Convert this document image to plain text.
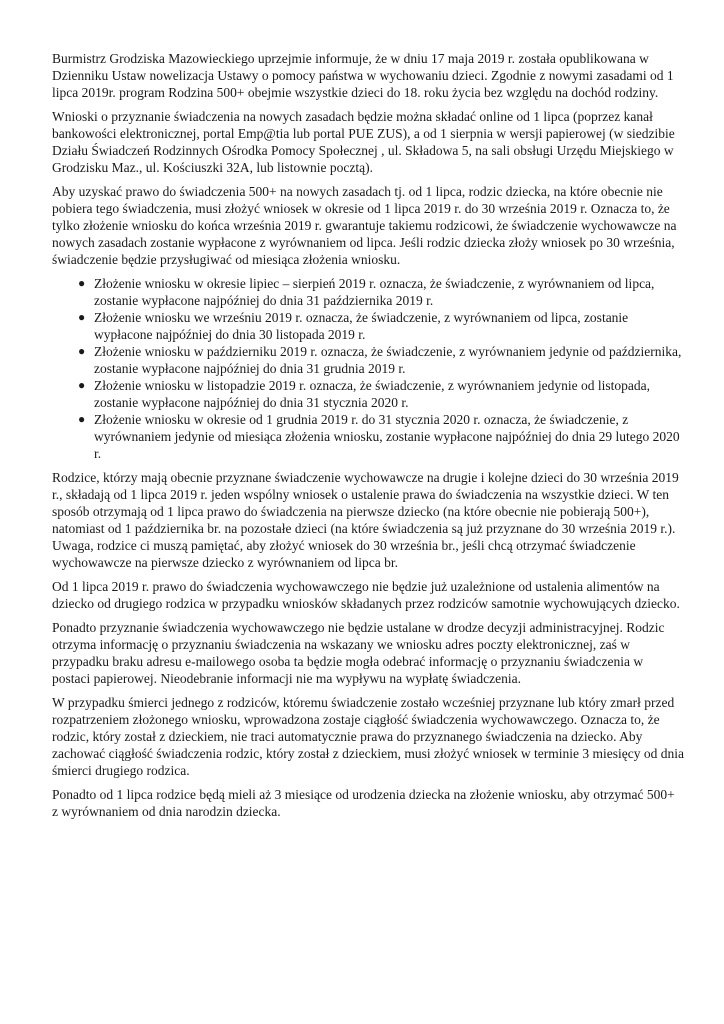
Burmistrz Grodziska Mazowieckiego uprzejmie informuje, że w dniu 17 maja 2019 r. została opublikowana w Dzienniku Ustaw nowelizacja Ustawy o pomocy państwa w wychowaniu dzieci. Zgodnie z nowymi zasadami od 1 lipca 2019r. program Rodzina 500+ obejmie wszystkie dzieci do 18. roku życia bez względu na dochód rodziny.

Wnioski o przyznanie świadczenia na nowych zasadach będzie można składać online od 1 lipca (poprzez kanał bankowości elektronicznej, portal Emp@tia lub portal PUE ZUS), a od 1 sierpnia w wersji papierowej (w siedzibie Działu Świadczeń Rodzinnych Ośrodka Pomocy Społecznej , ul. Składowa 5, na sali obsługi Urzędu Miejskiego w Grodzisku Maz., ul. Kościuszki 32A, lub listownie pocztą).

Aby uzyskać prawo do świadczenia 500+ na nowych zasadach tj. od 1 lipca, rodzic dziecka, na które obecnie nie pobiera tego świadczenia, musi złożyć wniosek w okresie od 1 lipca 2019 r. do 30 września 2019 r. Oznacza to, że tylko złożenie wniosku do końca września 2019 r. gwarantuje takiemu rodzicowi, że świadczenie wychowawcze na nowych zasadach zostanie wypłacone z wyrównaniem od lipca. Jeśli rodzic dziecka złoży wniosek po 30 września, świadczenie będzie przysługiwać od miesiąca złożenia wniosku.

● Złożenie wniosku w okresie lipiec – sierpień 2019 r. oznacza, że świadczenie, z wyrównaniem od lipca, zostanie wypłacone najpóźniej do dnia 31 października 2019 r.
● Złożenie wniosku we wrześniu 2019 r. oznacza, że świadczenie, z wyrównaniem od lipca, zostanie wypłacone najpóźniej do dnia 30 listopada 2019 r.
● Złożenie wniosku w październiku 2019 r. oznacza, że świadczenie, z wyrównaniem jedynie od października, zostanie wypłacone najpóźniej do dnia 31 grudnia 2019 r.
● Złożenie wniosku w listopadzie 2019 r. oznacza, że świadczenie, z wyrównaniem jedynie od listopada, zostanie wypłacone najpóźniej do dnia 31 stycznia 2020 r.
● Złożenie wniosku w okresie od 1 grudnia 2019 r. do 31 stycznia 2020 r. oznacza, że świadczenie, z wyrównaniem jedynie od miesiąca złożenia wniosku, zostanie wypłacone najpóźniej do dnia 29 lutego 2020 r.

Rodzice, którzy mają obecnie przyznane świadczenie wychowawcze na drugie i kolejne dzieci do 30 września 2019 r., składają od 1 lipca 2019 r. jeden wspólny wniosek o ustalenie prawa do świadczenia na wszystkie dzieci. W ten sposób otrzymają od 1 lipca prawo do świadczenia na pierwsze dziecko (na które obecnie nie pobierają 500+), natomiast od 1 października br. na pozostałe dzieci (na które świadczenia są już przyznane do 30 września 2019 r.). Uwaga, rodzice ci muszą pamiętać, aby złożyć wniosek do 30 września br., jeśli chcą otrzymać świadczenie wychowawcze na pierwsze dziecko z wyrównaniem od lipca br.

Od 1 lipca 2019 r. prawo do świadczenia wychowawczego nie będzie już uzależnione od ustalenia alimentów na dziecko od drugiego rodzica w przypadku wniosków składanych przez rodziców samotnie wychowujących dziecko.

Ponadto przyznanie świadczenia wychowawczego nie będzie ustalane w drodze decyzji administracyjnej. Rodzic otrzyma informację o przyznaniu świadczenia na wskazany we wniosku adres poczty elektronicznej, zaś w przypadku braku adresu e-mailowego osoba ta będzie mogła odebrać informację o przyznaniu świadczenia w postaci papierowej. Nieodebranie informacji nie ma wypływu na wypłatę świadczenia.

W przypadku śmierci jednego z rodziców, któremu świadczenie zostało wcześniej przyznane lub który zmarł przed rozpatrzeniem złożonego wniosku, wprowadzona zostaje ciągłość świadczenia wychowawczego. Oznacza to, że rodzic, który został z dzieckiem, nie traci automatycznie prawa do przyznanego świadczenia na dziecko. Aby zachować ciągłość świadczenia rodzic, który został z dzieckiem, musi złożyć wniosek w terminie 3 miesięcy od dnia śmierci drugiego rodzica.

Ponadto od 1 lipca rodzice będą mieli aż 3 miesiące od urodzenia dziecka na złożenie wniosku, aby otrzymać 500+ z wyrównaniem od dnia narodzin dziecka.
